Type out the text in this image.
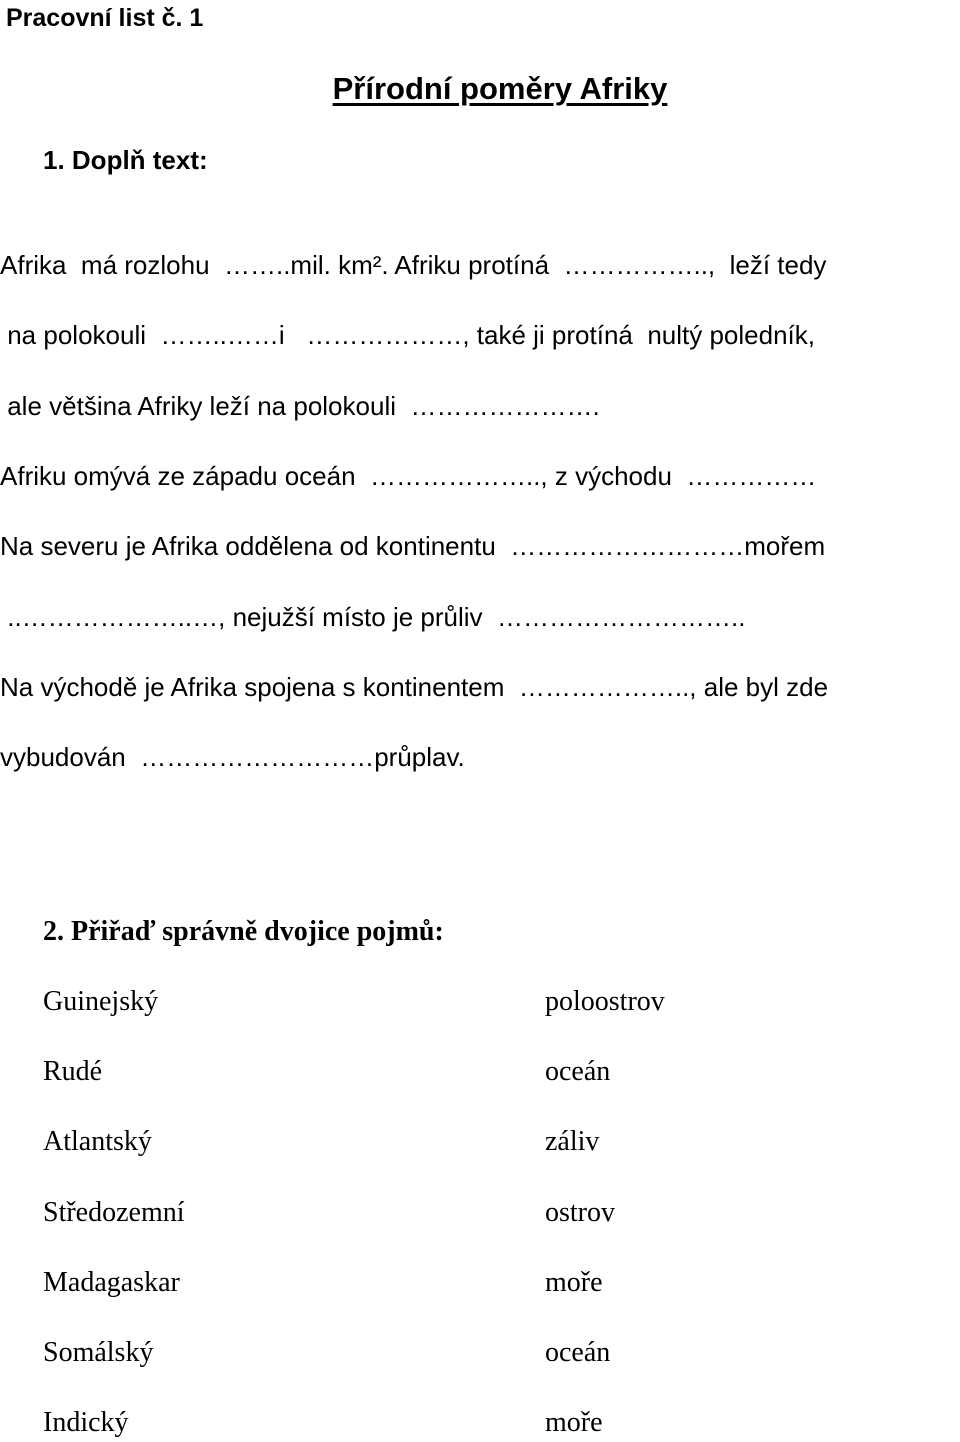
Pracovní list č. 1
Přírodní poměry Afriky
1. Doplň text:
Afrika  má rozlohu  ……..mil. km². Afriku protíná  ……………..,  leží tedy
na polokouli  ……..……i   ………………, také ji protíná  nultý poledník,
ale většina Afriky leží na polokouli  ………………….
Afriku omývá ze západu oceán  ……………….., z východu  ……………
Na severu je Afrika oddělena od kontinentu  ………………………mořem
..………………..…, nejužší místo je průliv  ………………………..
Na východě je Afrika spojena s kontinentem  ……………….., ale byl zde
vybudován  ………………………průplav.
2. Přiřaď správně dvojice pojmů:
Guinejský
Rudé
Atlantský
Středozemní
Madagaskar
Somálský
Indický
poloostrov
oceán
záliv
ostrov
moře
oceán
moře
